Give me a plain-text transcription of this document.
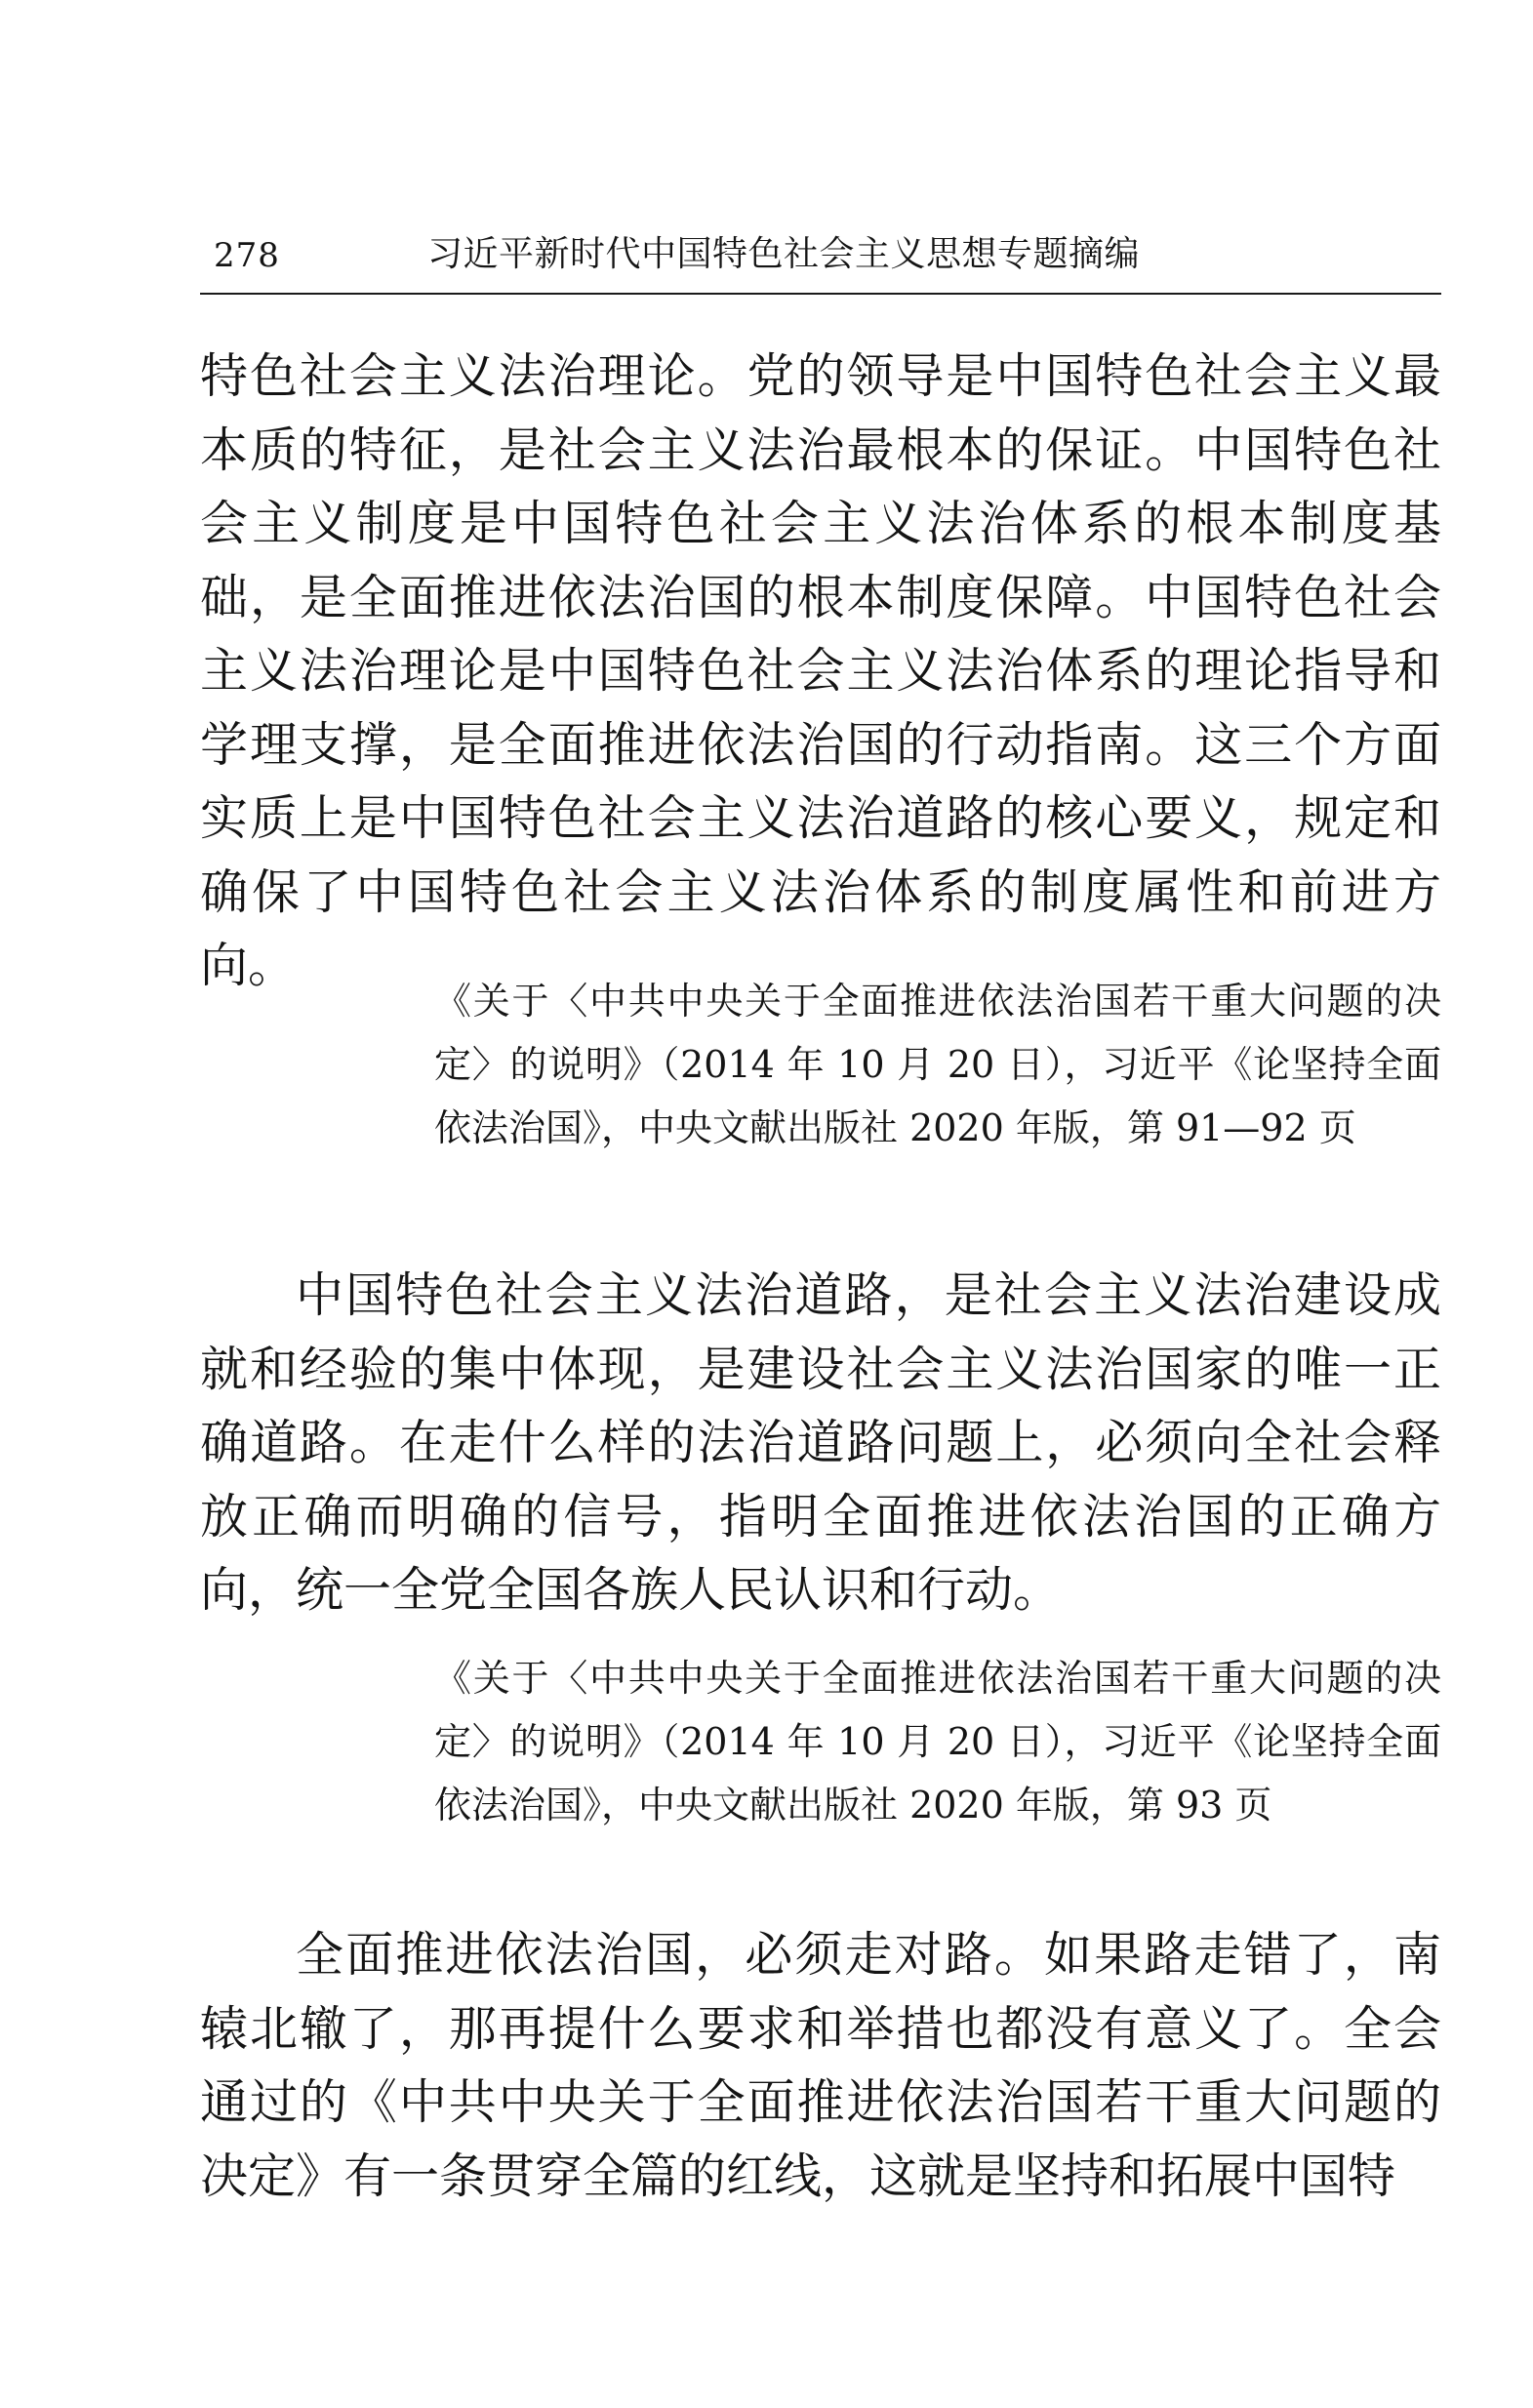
278	习近平新时代中国特色社会主义思想专题摘编

特色社会主义法治理论。党的领导是中国特色社会主义最本质的特征，是社会主义法治最根本的保证。中国特色社会主义制度是中国特色社会主义法治体系的根本制度基础，是全面推进依法治国的根本制度保障。中国特色社会主义法治理论是中国特色社会主义法治体系的理论指导和学理支撑，是全面推进依法治国的行动指南。这三个方面实质上是中国特色社会主义法治道路的核心要义，规定和确保了中国特色社会主义法治体系的制度属性和前进方向。

《关于〈中共中央关于全面推进依法治国若干重大问题的决定〉的说明》（2014 年 10 月 20 日），习近平《论坚持全面依法治国》，中央文献出版社 2020 年版，第 91—92 页

中国特色社会主义法治道路，是社会主义法治建设成就和经验的集中体现，是建设社会主义法治国家的唯一正确道路。在走什么样的法治道路问题上，必须向全社会释放正确而明确的信号，指明全面推进依法治国的正确方向，统一全党全国各族人民认识和行动。

《关于〈中共中央关于全面推进依法治国若干重大问题的决定〉的说明》（2014 年 10 月 20 日），习近平《论坚持全面依法治国》，中央文献出版社 2020 年版，第 93 页

全面推进依法治国，必须走对路。如果路走错了，南辕北辙了，那再提什么要求和举措也都没有意义了。全会通过的《中共中央关于全面推进依法治国若干重大问题的决定》有一条贯穿全篇的红线，这就是坚持和拓展中国特
